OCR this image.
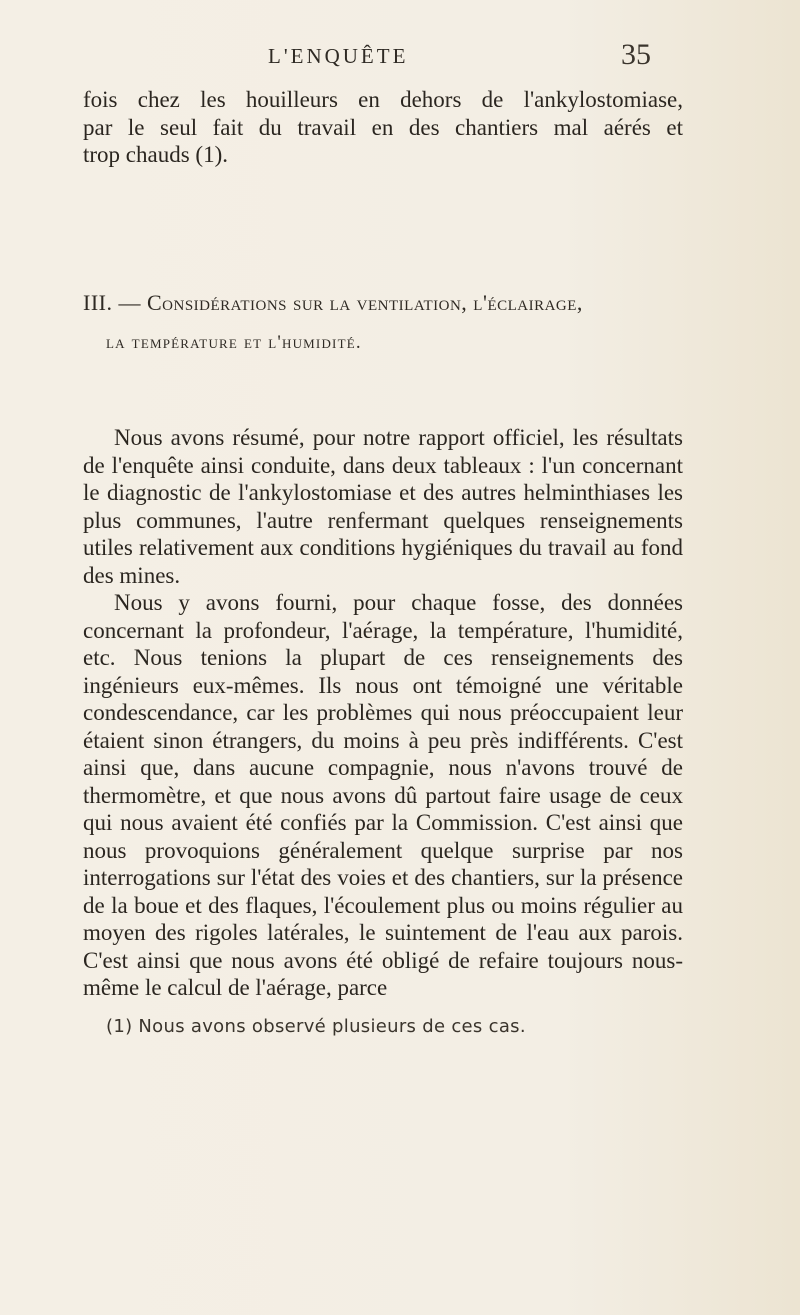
L'ENQUÊTE	35
fois chez les houilleurs en dehors de l'ankylostomiase,
par le seul fait du travail en des chantiers mal aérés et
trop chauds (1).
III. — Considérations sur la ventilation, l'éclairage,
la température et l'humidité.

Nous avons résumé, pour notre rapport officiel, les résultats de l'enquête ainsi conduite, dans deux tableaux : l'un concernant le diagnostic de l'ankylostomiase et des autres helminthiases les plus communes, l'autre renfermant quelques renseignements utiles relativement aux conditions hygiéniques du travail au fond des mines.

Nous y avons fourni, pour chaque fosse, des données concernant la profondeur, l'aérage, la température, l'humidité, etc. Nous tenions la plupart de ces renseignements des ingénieurs eux-mêmes. Ils nous ont témoigné une véritable condescendance, car les problèmes qui nous préoccupaient leur étaient sinon étrangers, du moins à peu près indifférents. C'est ainsi que, dans aucune compagnie, nous n'avons trouvé de thermomètre, et que nous avons dû partout faire usage de ceux qui nous avaient été confiés par la Commission. C'est ainsi que nous provoquions généralement quelque surprise par nos interrogations sur l'état des voies et des chantiers, sur la présence de la boue et des flaques, l'écoulement plus ou moins régulier au moyen des rigoles latérales, le suintement de l'eau aux parois. C'est ainsi que nous avons été obligé de refaire toujours nous-même le calcul de l'aérage, parce

(1) Nous avons observé plusieurs de ces cas.
